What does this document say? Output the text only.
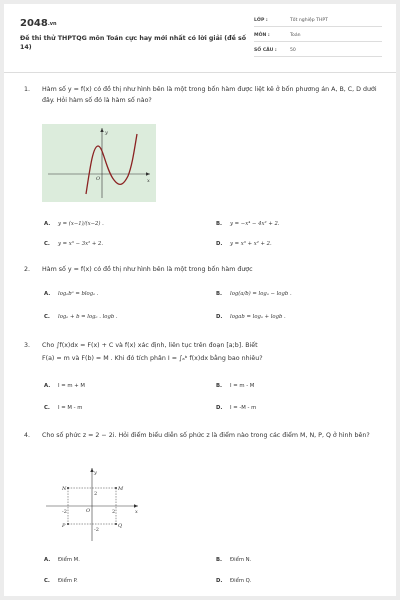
2048.vn
Đề thi thử THPTQG môn Toán cực hay mới nhất có lời giải (đề số 14)
LỚP :	Tốt nghiệp THPT
MÔN :	Toán
SỐ CÂU :	50
1. Hàm số y = f(x) có đồ thị như hình bên là một trong bốn hàm được liệt kê ở bốn phương án A, B, C, D dưới đây. Hỏi hàm số đó là hàm số nào?
y
x
O
A. y = (x−1)/(x−2) .	B. y = −x⁴ − 4x² + 2.
C. y = x³ − 3x² + 2.	D. y = x³ + x² + 2.
2. Hàm số y = f(x) có đồ thị như hình bên là một trong bốn hàm được
A. logₐbᵃ = blogₐ .	B. log(a/b) = logₐ − logb .
C. logₐ + b = logₐ . logb .	D. logab = logₐ + logb .
3. Cho ∫f(x)dx = F(x) + C và f(x) xác định, liên tục trên đoạn [a;b]. Biết
F(a) = m và F(b) = M . Khi đó tích phân I = ∫ₐᵇ f(x)dx bằng bao nhiêu?
A. I = m + M	B. I = m - M
C. I = M - m	D. I = -M - m
4. Cho số phức z = 2 − 2i. Hỏi điểm biểu diễn số phức z là điểm nào trong các điểm M, N, P, Q ở hình bên?
y
x
O
N	M
P	Q
2
-2
2
-2
A. Điểm M.	B. Điểm N.
C. Điểm P.	D. Điểm Q.
